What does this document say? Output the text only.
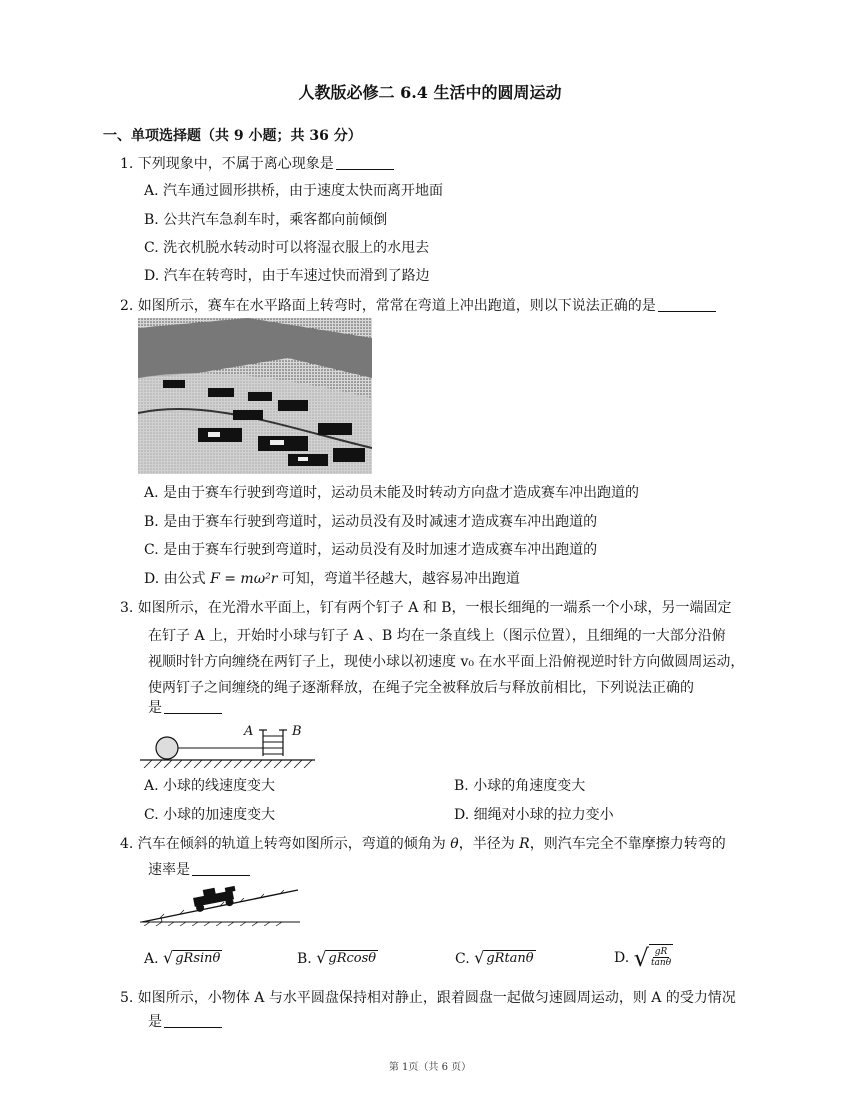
人教版必修二 6.4 生活中的圆周运动
一、单项选择题（共 9 小题；共 36 分）
1. 下列现象中，不属于离心现象是
A. 汽车通过圆形拱桥，由于速度太快而离开地面
B. 公共汽车急刹车时，乘客都向前倾倒
C. 洗衣机脱水转动时可以将湿衣服上的水甩去
D. 汽车在转弯时，由于车速过快而滑到了路边
2. 如图所示，赛车在水平路面上转弯时，常常在弯道上冲出跑道，则以下说法正确的是
A. 是由于赛车行驶到弯道时，运动员未能及时转动方向盘才造成赛车冲出跑道的
B. 是由于赛车行驶到弯道时，运动员没有及时减速才造成赛车冲出跑道的
C. 是由于赛车行驶到弯道时，运动员没有及时加速才造成赛车冲出跑道的
D. 由公式 F = mω²r 可知，弯道半径越大，越容易冲出跑道
3. 如图所示，在光滑水平面上，钉有两个钉子 A 和 B，一根长细绳的一端系一个小球，另一端固定
在钉子 A 上，开始时小球与钉子 A 、B 均在一条直线上（图示位置），且细绳的一大部分沿俯
视顺时针方向缠绕在两钉子上，现使小球以初速度 v₀ 在水平面上沿俯视逆时针方向做圆周运动，
使两钉子之间缠绕的绳子逐渐释放，在绳子完全被释放后与释放前相比，下列说法正确的
是
A	B
A. 小球的线速度变大	B. 小球的角速度变大
C. 小球的加速度变大	D. 细绳对小球的拉力变小
4. 汽车在倾斜的轨道上转弯如图所示，弯道的倾角为 θ，半径为 R，则汽车完全不靠摩擦力转弯的
速率是
A. √ gRsinθ	B. √ gRcosθ	C. √ gRtanθ	D. √ $\frac{gR}{\tan\theta}$
5. 如图所示，小物体 A 与水平圆盘保持相对静止，跟着圆盘一起做匀速圆周运动，则 A 的受力情况
是
第 1页（共 6 页）
